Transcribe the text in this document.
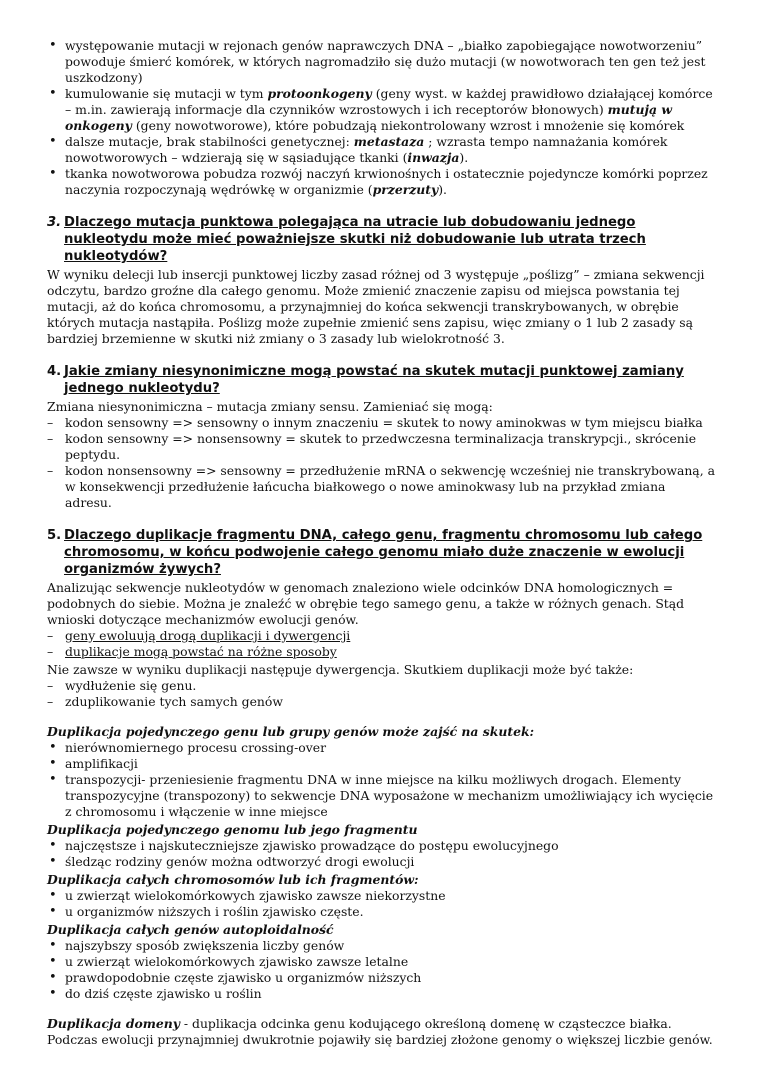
• występowanie mutacji w rejonach genów naprawczych DNA – „białko zapobiegające nowotworzeniu” powoduje śmierć komórek, w których nagromadziło się dużo mutacji (w nowotworach ten gen też jest uszkodzony)
• kumulowanie się mutacji w tym protoonkogeny (geny wyst. w każdej prawidłowo działającej komórce – m.in. zawierają informacje dla czynników wzrostowych i ich receptorów błonowych) mutują w onkogeny (geny nowotworowe), które pobudzają niekontrolowany wzrost i mnożenie się komórek
• dalsze mutacje, brak stabilności genetycznej: metastaza ; wzrasta tempo namnażania komórek nowotworowych – wdzierają się w sąsiadujące tkanki (inwazja).
• tkanka nowotworowa pobudza rozwój naczyń krwionośnych i ostatecznie pojedyncze komórki poprzez naczynia rozpoczynają wędrówkę w organizmie (przerzuty).
3. Dlaczego mutacja punktowa polegająca na utracie lub dobudowaniu jednego nukleotydu może mieć poważniejsze skutki niż dobudowanie lub utrata trzech nukleotydów?

W wyniku delecji lub insercji punktowej liczby zasad różnej od 3 występuje „poślizg” – zmiana sekwencji odczytu, bardzo groźne dla całego genomu. Może zmienić znaczenie zapisu od miejsca powstania tej mutacji, aż do końca chromosomu, a przynajmniej do końca sekwencji transkrybowanych, w obrębie których mutacja nastąpiła. Poślizg może zupełnie zmienić sens zapisu, więc zmiany o 1 lub 2 zasady są bardziej brzemienne w skutki niż zmiany o 3 zasady lub wielokrotność 3.

4. Jakie zmiany niesynonimiczne mogą powstać na skutek mutacji punktowej zamiany jednego nukleotydu?

Zmiana niesynonimiczna – mutacja zmiany sensu. Zamieniać się mogą:

– kodon sensowny => sensowny o innym znaczeniu = skutek to nowy aminokwas w tym miejscu białka
– kodon sensowny => nonsensowny = skutek to przedwczesna terminalizacja transkrypcji., skrócenie peptydu.
– kodon nonsensowny => sensowny = przedłużenie mRNA o sekwencję wcześniej nie transkrybowaną, a w konsekwencji przedłużenie łańcucha białkowego o nowe aminokwasy lub na przykład zmiana adresu.
5. Dlaczego duplikacje fragmentu DNA, całego genu, fragmentu chromosomu lub całego chromosomu, w końcu podwojenie całego genomu miało duże znaczenie w ewolucji organizmów żywych?

Analizując sekwencje nukleotydów w genomach znaleziono wiele odcinków DNA homologicznych = podobnych do siebie. Można je znaleźć w obrębie tego samego genu, a także w różnych genach. Stąd wnioski dotyczące mechanizmów ewolucji genów.

– geny ewoluują drogą duplikacji i dywergencji
– duplikacje mogą powstać na różne sposoby

Nie zawsze w wyniku duplikacji następuje dywergencja. Skutkiem duplikacji może być także:

– wydłużenie się genu.
– zduplikowanie tych samych genów

Duplikacja pojedynczego genu lub grupy genów może zajść na skutek:

• nierównomiernego procesu crossing-over
• amplifikacji
• transpozycji- przeniesienie fragmentu DNA w inne miejsce na kilku możliwych drogach. Elementy transpozycyjne (transpozony) to sekwencje DNA wyposażone w mechanizm umożliwiający ich wycięcie z chromosomu i włączenie w inne miejsce

Duplikacja pojedynczego genomu lub jego fragmentu

• najczęstsze i najskuteczniejsze zjawisko prowadzące do postępu ewolucyjnego
• śledząc rodziny genów można odtworzyć drogi ewolucji

Duplikacja całych chromosomów lub ich fragmentów:

• u zwierząt wielokomórkowych zjawisko zawsze niekorzystne
• u organizmów niższych i roślin zjawisko częste.

Duplikacja całych genów autoploidalność

• najszybszy sposób zwiększenia liczby genów
• u zwierząt wielokomórkowych zjawisko zawsze letalne
• prawdopodobnie częste zjawisko u organizmów niższych
• do dziś częste zjawisko u roślin

Duplikacja domeny - duplikacja odcinka genu kodującego określoną domenę w cząsteczce białka. Podczas ewolucji przynajmniej dwukrotnie pojawiły się bardziej złożone genomy o większej liczbie genów.
